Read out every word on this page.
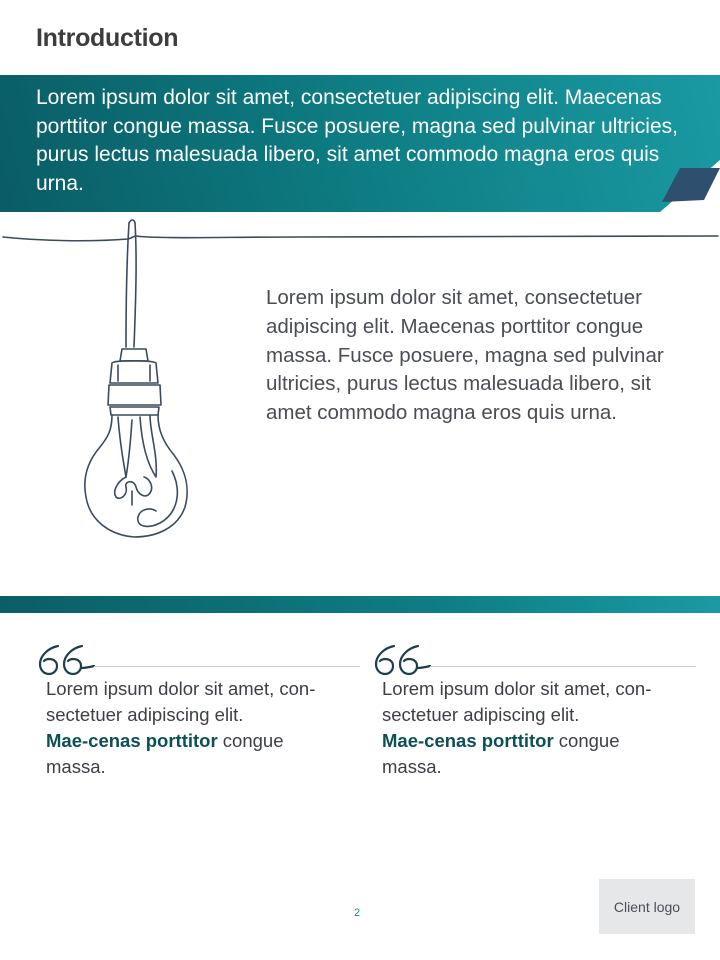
Introduction
Lorem ipsum dolor sit amet, consectetuer adipiscing elit. Maecenas porttitor congue massa. Fusce posuere, magna sed pulvinar ultricies, purus lectus malesuada libero, sit amet commodo magna eros quis urna.
Lorem ipsum dolor sit amet, consectetuer adipiscing elit. Maecenas porttitor congue massa. Fusce posuere, magna sed pulvinar ultricies, purus lectus malesuada libero, sit amet commodo magna eros quis urna.
Lorem ipsum dolor sit amet, con-sectetuer adipiscing elit.
Mae-cenas porttitor congue massa.
Lorem ipsum dolor sit amet, con-sectetuer adipiscing elit.
Mae-cenas porttitor congue massa.
2	Client logo
